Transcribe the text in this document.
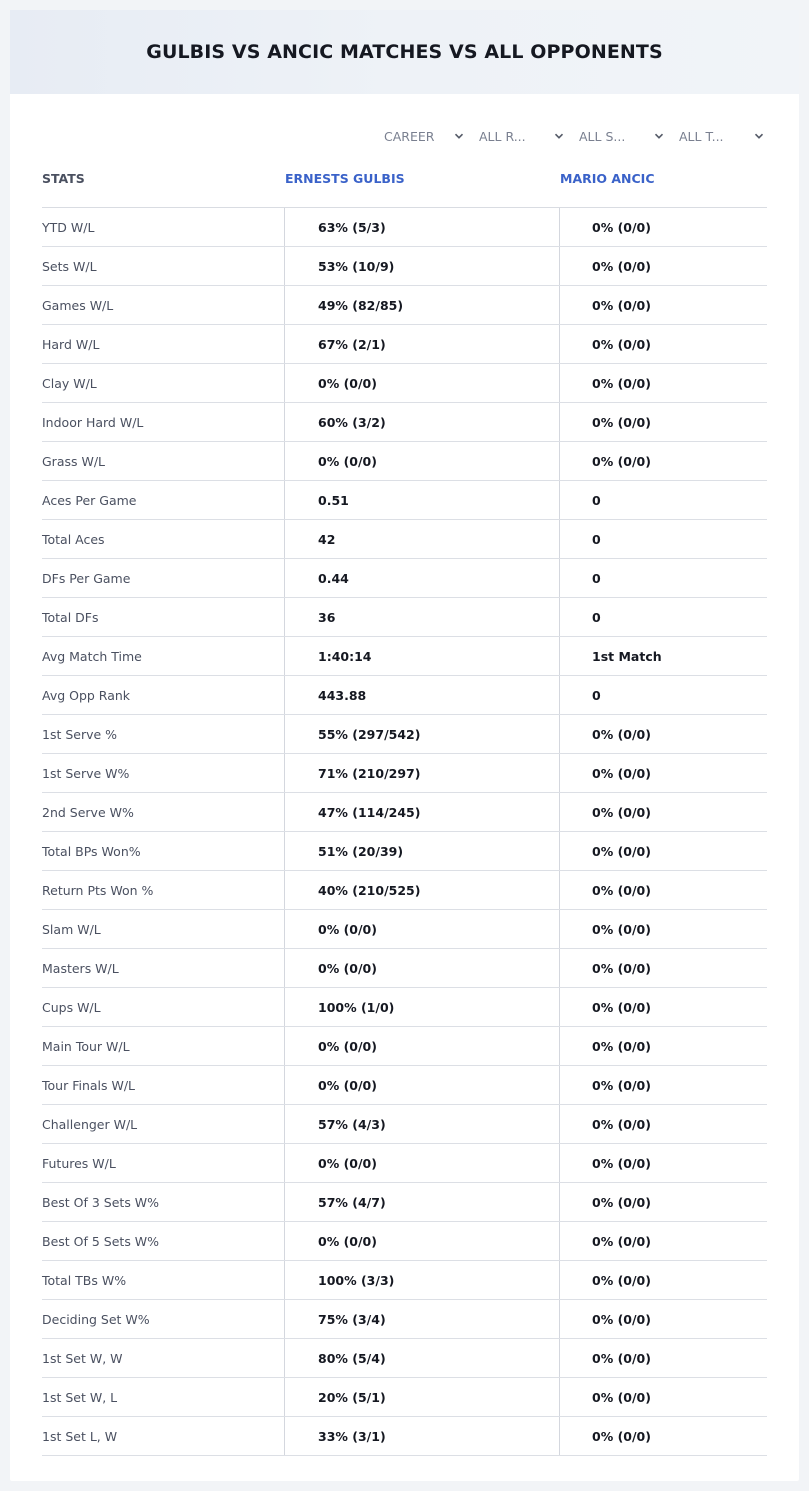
GULBIS VS ANCIC MATCHES VS ALL OPPONENTS
CAREER	ALL R...	ALL S...	ALL T...
STATS	ERNESTS GULBIS	MARIO ANCIC
YTD W/L	63% (5/3)	0% (0/0)
Sets W/L	53% (10/9)	0% (0/0)
Games W/L	49% (82/85)	0% (0/0)
Hard W/L	67% (2/1)	0% (0/0)
Clay W/L	0% (0/0)	0% (0/0)
Indoor Hard W/L	60% (3/2)	0% (0/0)
Grass W/L	0% (0/0)	0% (0/0)
Aces Per Game	0.51	0
Total Aces	42	0
DFs Per Game	0.44	0
Total DFs	36	0
Avg Match Time	1:40:14	1st Match
Avg Opp Rank	443.88	0
1st Serve %	55% (297/542)	0% (0/0)
1st Serve W%	71% (210/297)	0% (0/0)
2nd Serve W%	47% (114/245)	0% (0/0)
Total BPs Won%	51% (20/39)	0% (0/0)
Return Pts Won %	40% (210/525)	0% (0/0)
Slam W/L	0% (0/0)	0% (0/0)
Masters W/L	0% (0/0)	0% (0/0)
Cups W/L	100% (1/0)	0% (0/0)
Main Tour W/L	0% (0/0)	0% (0/0)
Tour Finals W/L	0% (0/0)	0% (0/0)
Challenger W/L	57% (4/3)	0% (0/0)
Futures W/L	0% (0/0)	0% (0/0)
Best Of 3 Sets W%	57% (4/7)	0% (0/0)
Best Of 5 Sets W%	0% (0/0)	0% (0/0)
Total TBs W%	100% (3/3)	0% (0/0)
Deciding Set W%	75% (3/4)	0% (0/0)
1st Set W, W	80% (5/4)	0% (0/0)
1st Set W, L	20% (5/1)	0% (0/0)
1st Set L, W	33% (3/1)	0% (0/0)
